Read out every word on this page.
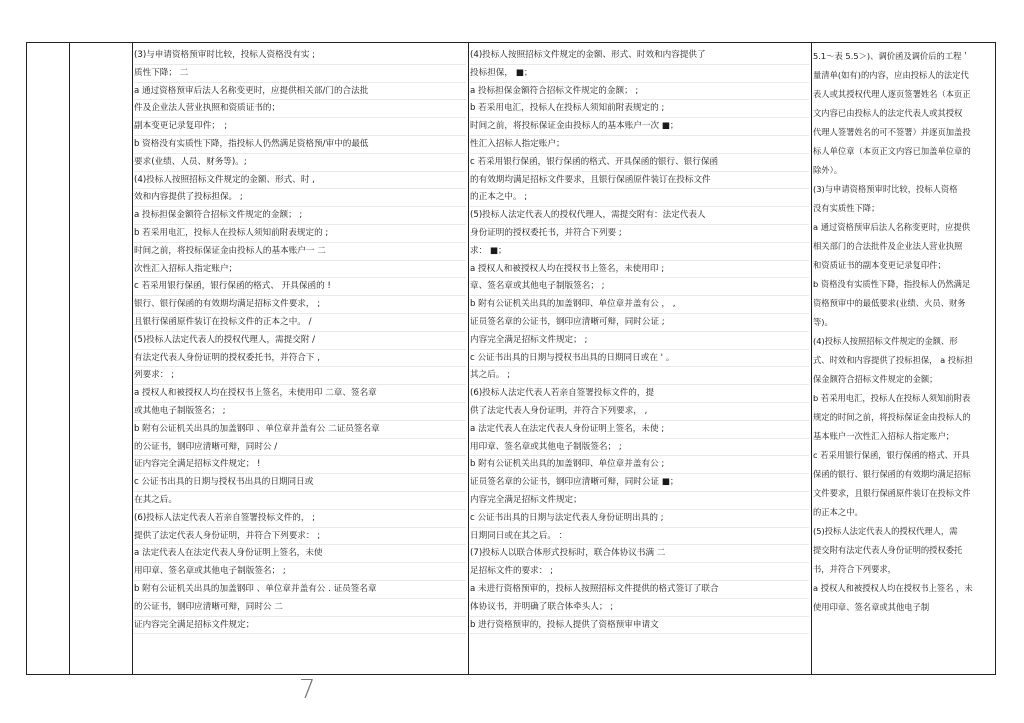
(3)与申请资格预审时比较，投标人资格没有实 ;
质性下降； 二
a 通过资格预审后法人名称变更时，应提供相关部/门的合法批
件及企业法人营业执照和资质证书的；
副本变更记录复印件；　;
b 资格没有实质性下降，指投标人仍然满足资格预/审中的最低
要求(业绩、人员、财务等)。;
(4)投标人按照招标文件规定的金额、形式、时 ,
效和内容提供了投标担保。 ;
a 投标担保金额符合招标文件规定的金额； ;
b 若采用电汇，投标人在投标人须知前附表规定的 ;
时间之前，将投标保证金由投标人的基本账户一 二
次性汇入招标人指定账户；
c 若采用银行保函，银行保函的格式、 开具保函的 !
银行、银行保函的有效期均满足招标文件要求， ;
且银行保函原件装订在投标文件的正本之中。 /
(5)投标人法定代表人的授权代理人，需提交附 /
有法定代表人身份证明的授权委托书，并符合下 ,
列要求： ;
a 授权人和被授权人均在授权书上签名，未使用印 二章、签名章
或其他电子制版签名； ;
b 附有公证机关出具的加盖钢印 、单位章并盖有公 二证员签名章
的公证书，钢印应清晰可辩，同时公 /
证内容完全满足招标文件规定； !
c 公证书出具的日期与授权书出具的日期同日或
在其之后。
(6)投标人法定代表人若亲自签署投标文件的， ;
提供了法定代表人身份证明，并符合下列要求： ;
a 法定代表人在法定代表人身份证明上签名，未使
用印章、签名章或其他电子制版签名； ;
b 附有公证机关出具的加盖钢印 、单位章并盖有公 . 证员签名章
的公证书，钢印应清晰可辩，同时公 二
证内容完全满足招标文件规定；
(4)投标人按照招标文件规定的金额、形式、时效和内容提供了
投标担保， ■；
a 投标担保金额符合招标文件规定的金额； ;
b 若采用电汇，投标人在投标人须知前附表规定的 ;
时间之前，将投标保证金由投标人的基本账户一次 ■；
性汇入招标人指定账户；
c 若采用银行保函，银行保函的格式、开具保函的银行、银行保函
的有效期均满足招标文件要求，且银行保函原件装订在投标文件
的正本之中。 ;
(5)投标人法定代表人的授权代理人，需提交附有：法定代表人
身份证明的授权委托书，并符合下列要 ;
求： ■；
a 授权人和被授权人均在授权书上签名，未使用印 ;
章、签名章或其他电子制版签名； ;
b 附有公证机关出具的加盖钢印、单位章并盖有公 ， ,
证员签名章的公证书，钢印应清晰可辩，同时公证 ;
内容完全满足招标文件规定； ;
c 公证书出具的日期与授权书出具的日期同日或在 ' 。
其之后。 ;
(6)投标人法定代表人若亲自签署投标文件的，提
供了法定代表人身份证明，并符合下列要求， ,
a 法定代表人在法定代表人身份证明上签名，未使 ;
用印章、签名章或其他电子制版签名； ;
b 附有公证机关出具的加盖钢印、单位章并盖有公 ;
证员签名章的公证书，钢印应清晰可辩，同时公证 ■；
内容完全满足招标文件规定；
c 公证书出具的日期与法定代表人身份证明出具的 ;
日期同日或在其之后。 ：
(7)投标人以联合体形式投标时，联合体协议书满 二
足招标文件的要求： ;
a 未进行资格预审的，投标人按照招标文件提供的格式签订了联合
体协议书，并明确了联合体牵头人； ;
b 进行资格预审的，投标人提供了资格预审申请文
5.1～表 5.5＞)、调价函及调价后的工程＇
量清单(如有)的内容，应由投标人的法定代
表人或其授权代理人逐页签署姓名（本页正
文内容已由投标人的法定代表人或其授权
代理人签署姓名的可不签署）并逐页加盖投
标人单位章（本页正文内容已加盖单位章的
除外）。
(3)与申请资格预审时比较，投标人资格
没有实质性下降；
a 通过资格预审后法人名称变更时，应提供
相关部门的合法批件及企业法人营业执照
和资质证书的副本变更记录复印件；
b 资格没有实质性下降，指投标人仍然满足
资格预审中的最低要求(业绩、火员、财务
等)。
(4)投标人按照招标文件规定的金额、形
式、时效和内容提供了投标担保， a 投标担
保金额符合招标文件规定的金额；
b 若采用电汇，投标人在投标人须知前附表
规定的时间之前，将投标保证金由投标人的
基本账户一次性汇入招标人指定账户；
c 若采用银行保函，银行保函的格式、开具
保函的银行、银行保函的有效期均满足招标
文件要求，且银行保函原件装订在投标文件
的正本之中。
(5)投标人法定代表人的授权代理人，需
提交附有法定代表人身份证明的授权委托
书，并符合下列要求，
a 授权人和被授权人均在授权书上签名 ，未
使用印章、签名章或其他电子制
7
